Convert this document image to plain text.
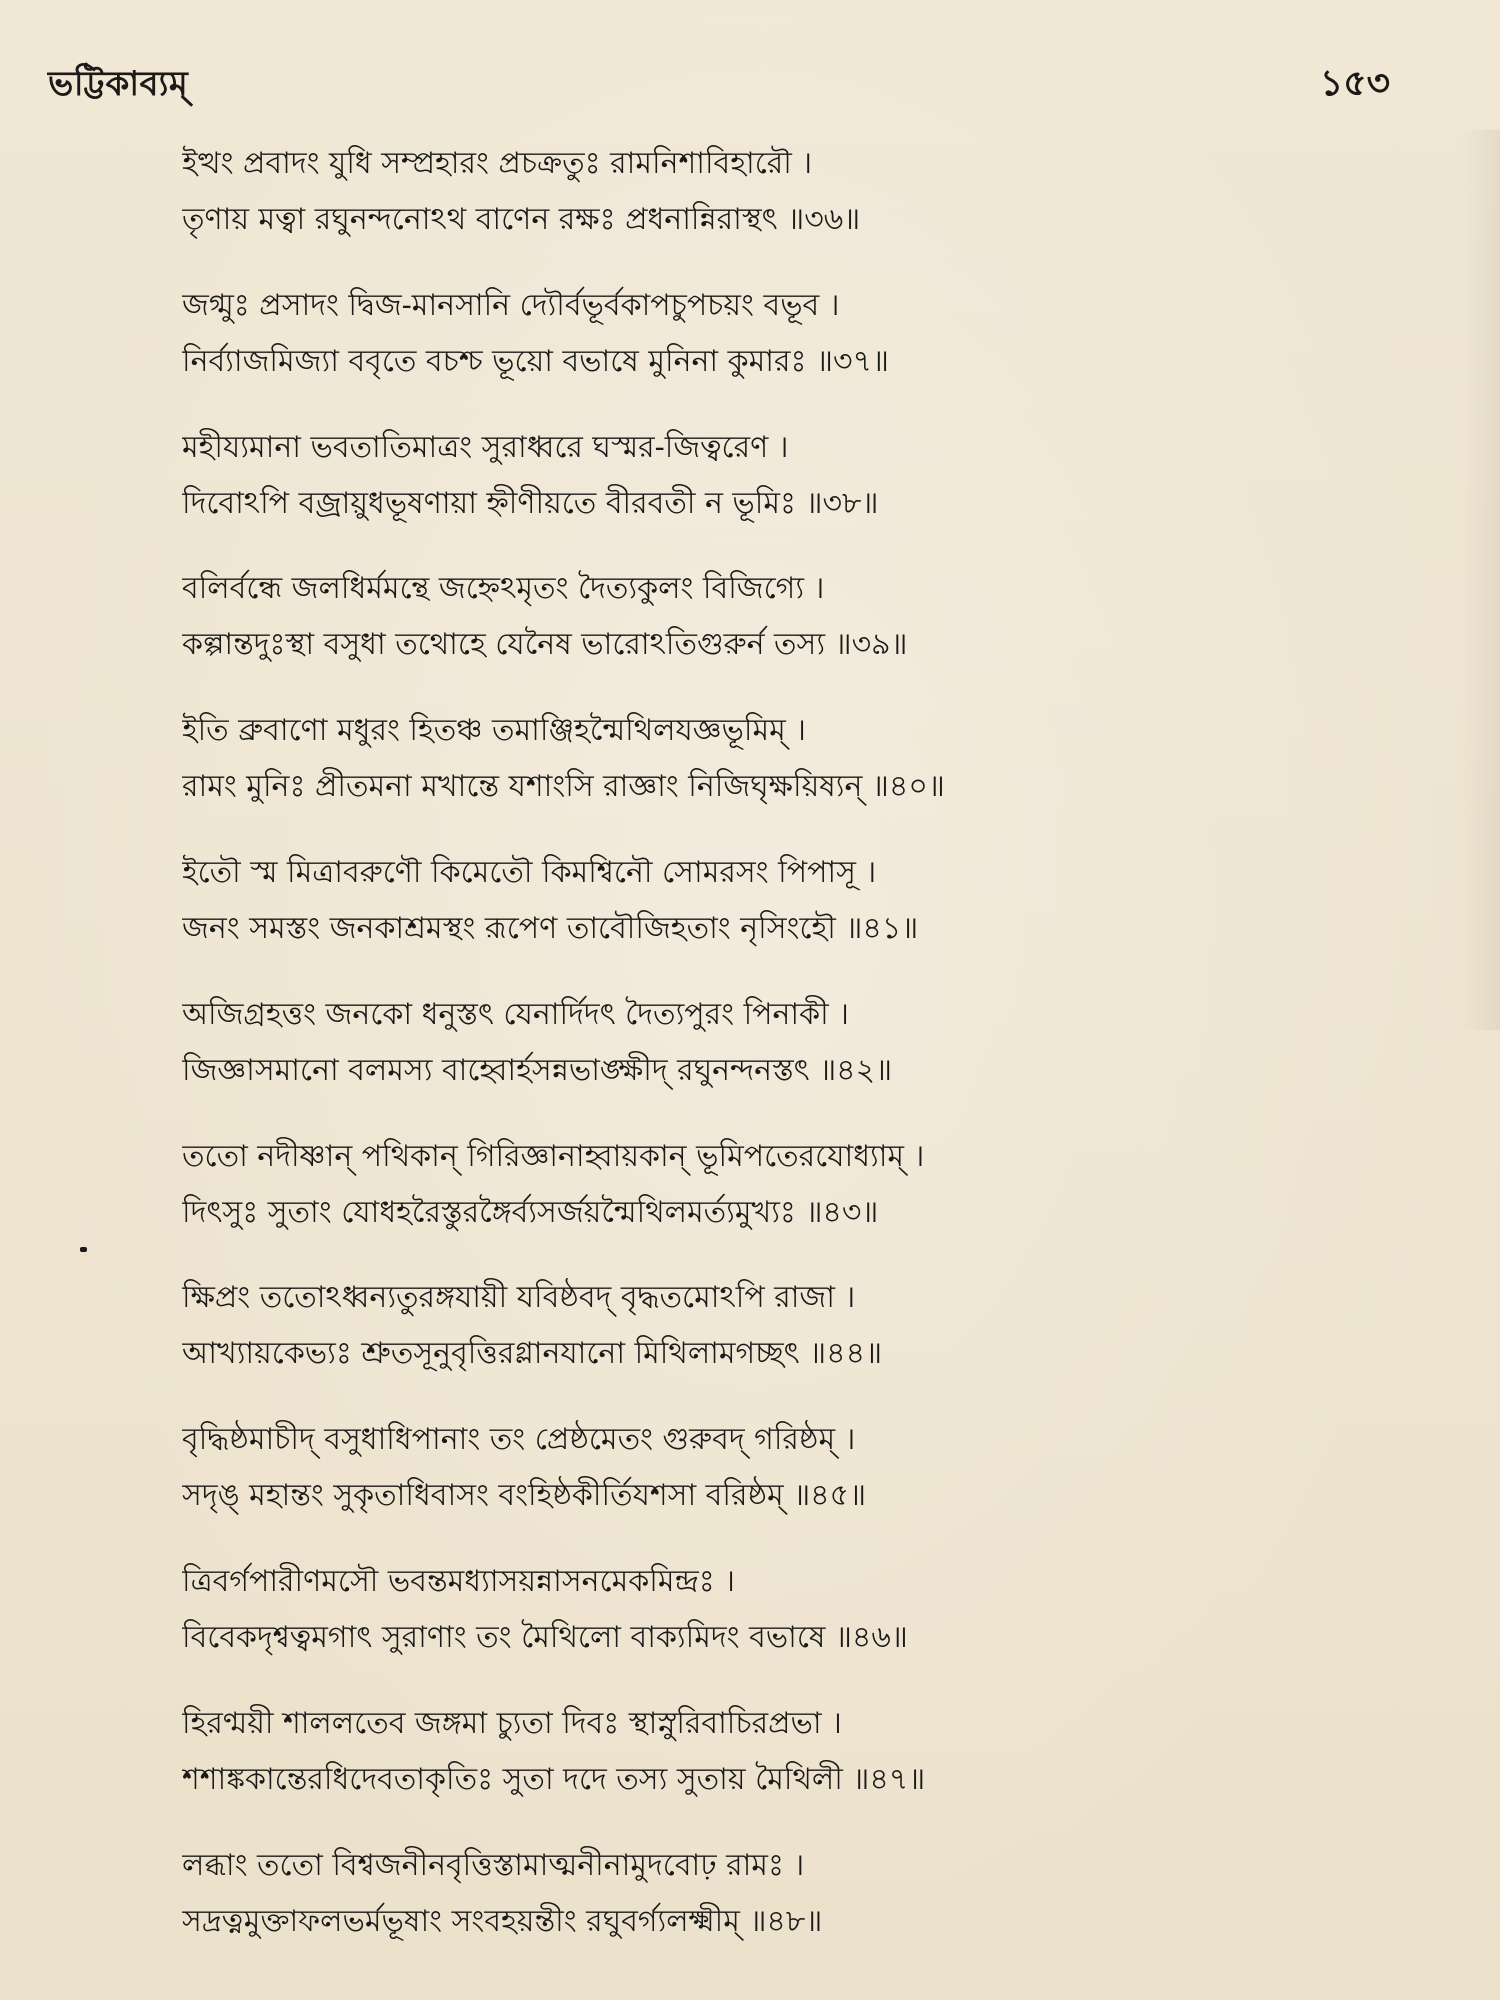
ভট্টিকাব্যম্	১৫৩
ইত্থং প্রবাদং যুধি সম্প্রহারং প্রচক্রতুঃ রামনিশাবিহারৌ ।
তৃণায় মত্বা রঘুনন্দনোঽথ বাণেন রক্ষঃ প্রধনান্নিরাস্থৎ ॥৩৬॥
জগ্মুঃ প্রসাদং দ্বিজ-মানসানি দ্যৌর্বভূর্বকাপচুপচয়ং বভূব ।
নির্ব্যাজমিজ্যা ববৃতে বচশ্চ ভূয়ো বভাষে মুনিনা কুমারঃ ॥৩৭॥
মহীয্যমানা ভবতাতিমাত্রং সুরাধ্বরে ঘস্মর-জিত্বরেণ ।
দিবোঽপি বজ্রায়ুধভূষণায়া হ্নীণীয়তে বীরবতী ন ভূমিঃ ॥৩৮॥
বলির্বন্ধে জলধির্মমন্থে জহ্নেঽমৃতং দৈত্যকুলং বিজিগ্যে ।
কল্পান্তদুঃস্থা বসুধা তথোহে যেনৈষ ভারোঽতিগুরুর্ন তস্য ॥৩৯॥
ইতি ব্রুবাণো মধুরং হিতঞ্চ তমাঞ্জিহন্মৈথিলযজ্ঞভূমিম্ ।
রামং মুনিঃ প্রীতমনা মখান্তে যশাংসি রাজ্ঞাং নিজিঘৃক্ষয়িষ্যন্ ॥৪০॥
ইতৌ স্ম মিত্রাবরুণৌ কিমেতৌ কিমশ্বিনৌ সোমরসং পিপাসূ ।
জনং সমস্তং জনকাশ্রমস্থং রূপেণ তাবৌজিহতাং নৃসিংহৌ ॥৪১॥
অজিগ্রহত্তং জনকো ধনুস্তৎ যেনার্দিদৎ দৈত্যপুরং পিনাকী ।
জিজ্ঞাসমানো বলমস্য বাহ্বোর্হসন্নভাঙ্ক্ষীদ্ রঘুনন্দনস্তৎ ॥৪২॥
ততো নদীষ্ণান্ পথিকান্ গিরিজ্ঞানাহ্বায়কান্ ভূমিপতেরযোধ্যাম্ ।
দিৎসুঃ সুতাং যোধহরৈস্তুরঙ্গৈর্ব্যসর্জয়ন্মৈথিলমর্ত্যমুখ্যঃ ॥৪৩॥
ক্ষিপ্রং ততোঽধ্বন্যতুরঙ্গযায়ী যবিষ্ঠবদ্ বৃদ্ধতমোঽপি রাজা ।
আখ্যায়কেভ্যঃ শ্রুতসূনুবৃত্তিরগ্লানযানো মিথিলামগচ্ছৎ ॥৪৪॥
বৃদ্ধিষ্ঠমাচীদ্ বসুধাধিপানাং তং প্রেষ্ঠমেতং গুরুবদ্ গরিষ্ঠম্ ।
সদৃঙ্ মহান্তং সুকৃতাধিবাসং বংহিষ্ঠকীর্তিযশসা বরিষ্ঠম্ ॥৪৫॥
ত্রিবর্গপারীণমসৌ ভবন্তমধ্যাসয়ন্নাসনমেকমিন্দ্রঃ ।
বিবেকদৃশ্বত্বমগাৎ সুরাণাং তং মৈথিলো বাক্যমিদং বভাষে ॥৪৬॥
হিরণ্ময়ী শাললতেব জঙ্গমা চ্যুতা দিবঃ স্থাস্নুরিবাচিরপ্রভা ।
শশাঙ্ককান্তেরধিদেবতাকৃতিঃ সুতা দদে তস্য সুতায় মৈথিলী ॥৪৭॥
লব্ধাং ততো বিশ্বজনীনবৃত্তিস্তামাত্মনীনামুদবোঢ় রামঃ ।
সদ্রত্নমুক্তাফলভর্মভূষাং সংবহয়ন্তীং রঘুবর্গ্যলক্ষ্মীম্ ॥৪৮॥
